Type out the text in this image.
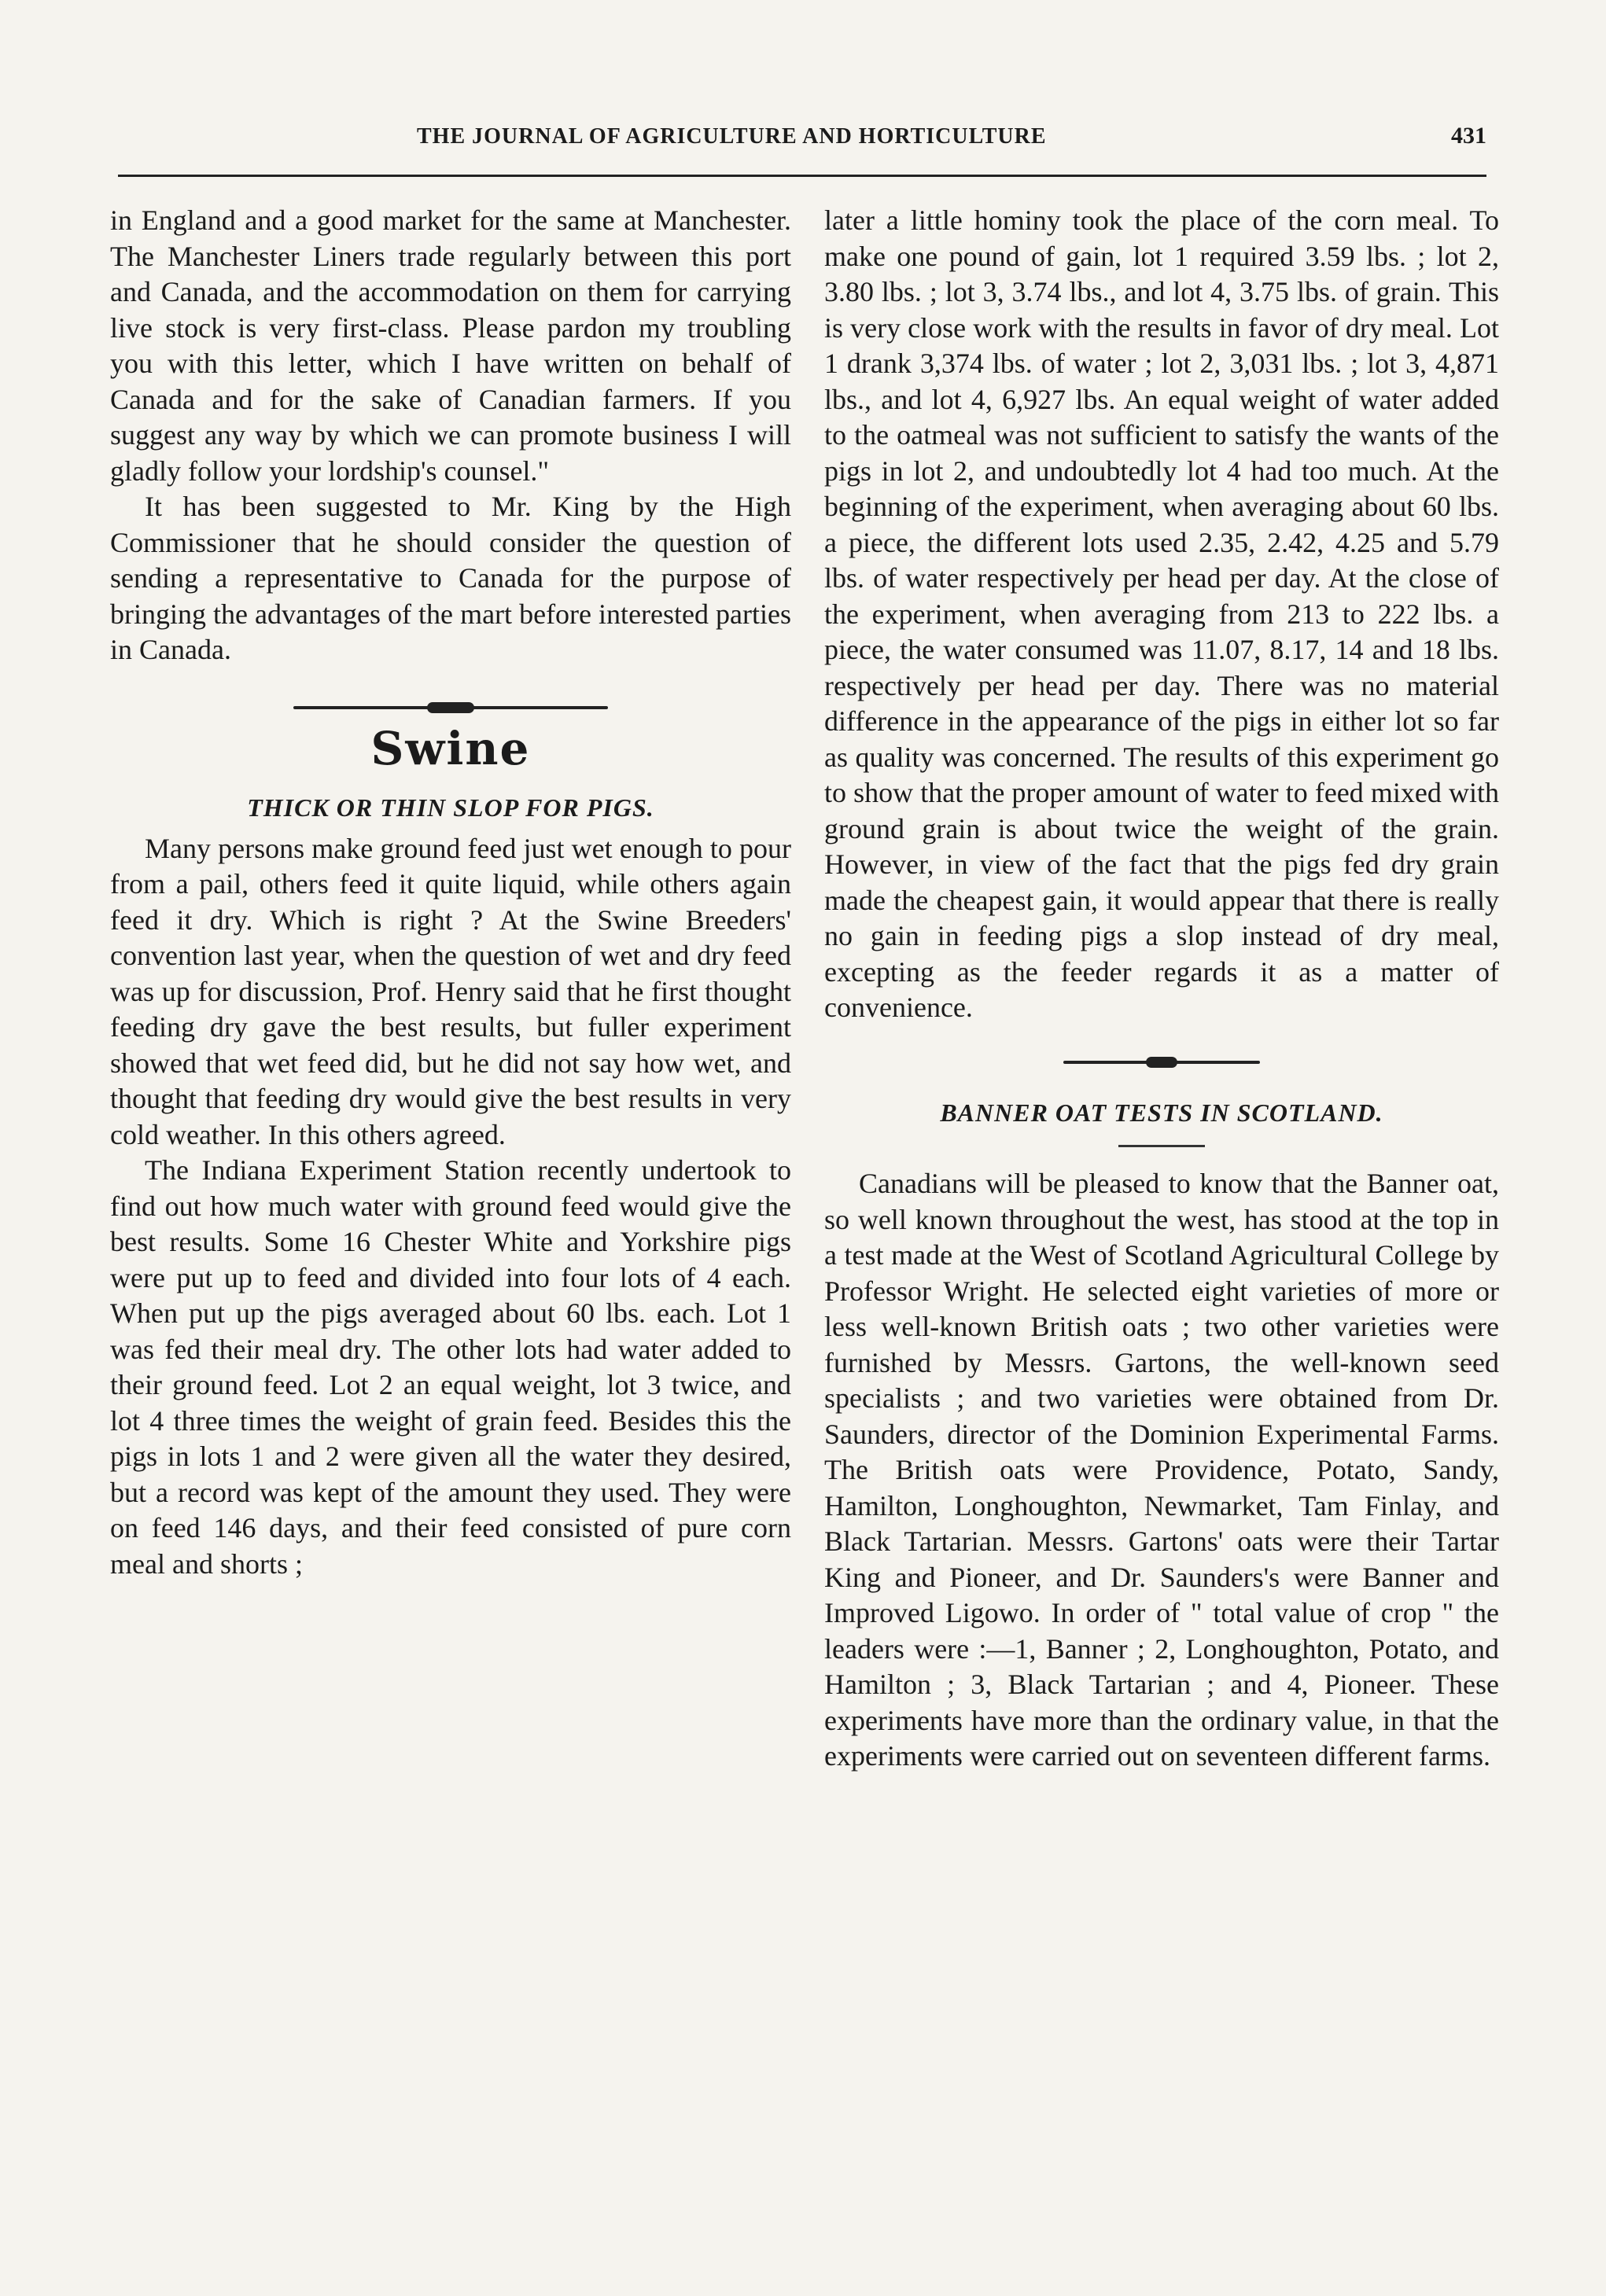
THE JOURNAL OF AGRICULTURE AND HORTICULTURE	431

in England and a good market for the same at Manchester. The Manchester Liners trade regularly between this port and Canada, and the accommodation on them for carrying live stock is very first-class. Please pardon my troubling you with this letter, which I have written on behalf of Canada and for the sake of Canadian farmers. If you suggest any way by which we can promote business I will gladly follow your lordship's counsel."

It has been suggested to Mr. King by the High Commissioner that he should consider the question of sending a representative to Canada for the purpose of bringing the advantages of the mart before interested parties in Canada.

Swine
THICK OR THIN SLOP FOR PIGS.

Many persons make ground feed just wet enough to pour from a pail, others feed it quite liquid, while others again feed it dry. Which is right ? At the Swine Breeders' convention last year, when the question of wet and dry feed was up for discussion, Prof. Henry said that he first thought feeding dry gave the best results, but fuller experiment showed that wet feed did, but he did not say how wet, and thought that feeding dry would give the best results in very cold weather. In this others agreed.

The Indiana Experiment Station recently undertook to find out how much water with ground feed would give the best results. Some 16 Chester White and Yorkshire pigs were put up to feed and divided into four lots of 4 each. When put up the pigs averaged about 60 lbs. each. Lot 1 was fed their meal dry. The other lots had water added to their ground feed. Lot 2 an equal weight, lot 3 twice, and lot 4 three times the weight of grain feed. Besides this the pigs in lots 1 and 2 were given all the water they desired, but a record was kept of the amount they used. They were on feed 146 days, and their feed consisted of pure corn meal and shorts ;

later a little hominy took the place of the corn meal. To make one pound of gain, lot 1 required 3.59 lbs. ; lot 2, 3.80 lbs. ; lot 3, 3.74 lbs., and lot 4, 3.75 lbs. of grain. This is very close work with the results in favor of dry meal. Lot 1 drank 3,374 lbs. of water ; lot 2, 3,031 lbs. ; lot 3, 4,871 lbs., and lot 4, 6,927 lbs. An equal weight of water added to the oatmeal was not sufficient to satisfy the wants of the pigs in lot 2, and undoubtedly lot 4 had too much. At the beginning of the experiment, when averaging about 60 lbs. a piece, the different lots used 2.35, 2.42, 4.25 and 5.79 lbs. of water respectively per head per day. At the close of the experiment, when averaging from 213 to 222 lbs. a piece, the water consumed was 11.07, 8.17, 14 and 18 lbs. respectively per head per day. There was no material difference in the appearance of the pigs in either lot so far as quality was concerned. The results of this experiment go to show that the proper amount of water to feed mixed with ground grain is about twice the weight of the grain. However, in view of the fact that the pigs fed dry grain made the cheapest gain, it would appear that there is really no gain in feeding pigs a slop instead of dry meal, excepting as the feeder regards it as a matter of convenience.

BANNER OAT TESTS IN SCOTLAND.

Canadians will be pleased to know that the Banner oat, so well known throughout the west, has stood at the top in a test made at the West of Scotland Agricultural College by Professor Wright. He selected eight varieties of more or less well-known British oats ; two other varieties were furnished by Messrs. Gartons, the well-known seed specialists ; and two varieties were obtained from Dr. Saunders, director of the Dominion Experimental Farms. The British oats were Providence, Potato, Sandy, Hamilton, Longhoughton, Newmarket, Tam Finlay, and Black Tartarian. Messrs. Gartons' oats were their Tartar King and Pioneer, and Dr. Saunders's were Banner and Improved Ligowo. In order of " total value of crop " the leaders were :—1, Banner ; 2, Longhoughton, Potato, and Hamilton ; 3, Black Tartarian ; and 4, Pioneer. These experiments have more than the ordinary value, in that the experiments were carried out on seventeen different farms.
